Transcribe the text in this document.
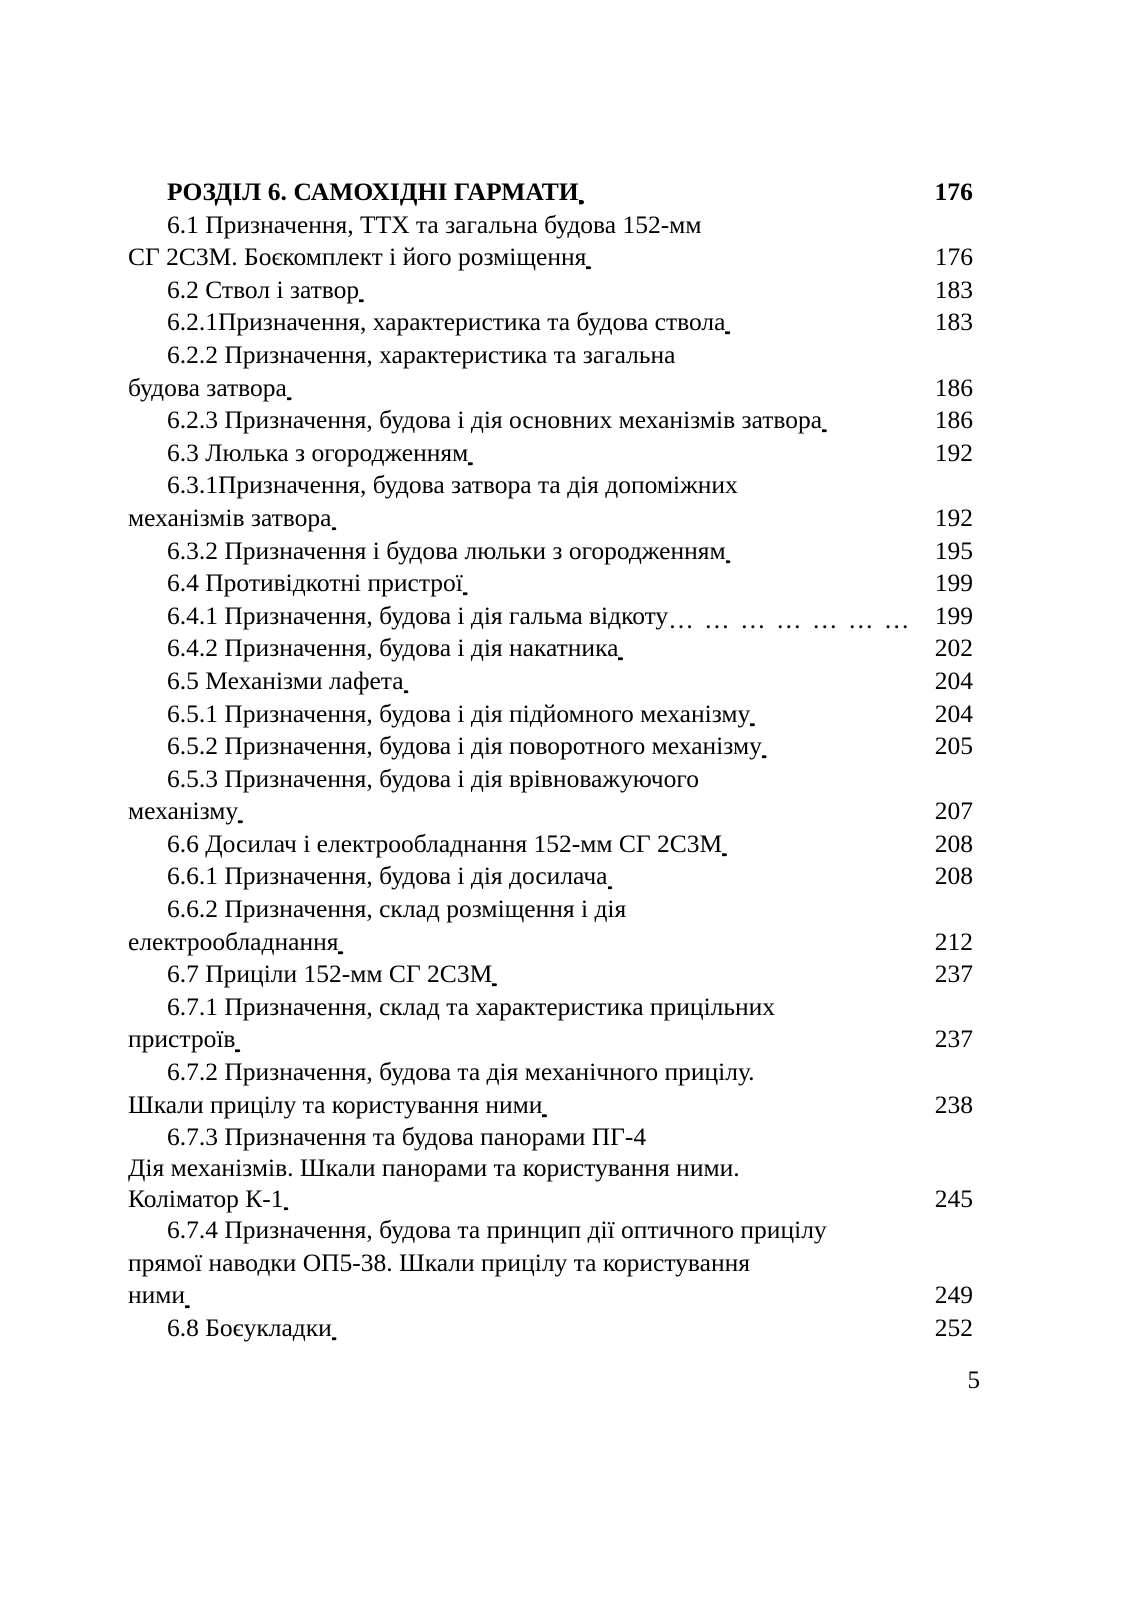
РОЗДІЛ 6. САМОХІДНІ ГАРМАТИ . . .	176
6.1 Призначення, ТТХ та загальна будова 152-мм
СГ 2С3М. Боєкомплект і його розміщення . . .	176
6.2 Ствол і затвор . . .	183
6.2.1Призначення, характеристика та будова ствола . . .	183
6.2.2 Призначення, характеристика та загальна
будова затвора . . .	186
6.2.3 Призначення, будова і дія основних механізмів затвора . . .	186
6.3 Люлька з огородженням . . .	192
6.3.1Призначення, будова затвора та дія допоміжних
механізмів затвора . . .	192
6.3.2 Призначення і будова люльки з огородженням . . .	195
6.4 Противідкотні пристрої . . .	199
6.4.1 Призначення, будова і дія гальма відкоту … … … … … … … … … … … … … … … … … … … … … … … … … … … … … … … … … … … … … …	199
6.4.2 Призначення, будова і дія накатника . . .	202
6.5 Механізми лафета . . .	204
6.5.1 Призначення, будова і дія підйомного механізму . . .	204
6.5.2 Призначення, будова і дія поворотного механізму . . .	205
6.5.3 Призначення, будова і дія врівноважуючого
механізму . . .	207
6.6 Досилач і електрообладнання 152-мм СГ 2С3М . . .	208
6.6.1 Призначення, будова і дія досилача . . .	208
6.6.2 Призначення, склад розміщення і дія
електрообладнання . . .	212
6.7 Приціли 152-мм СГ 2С3М . . .	237
6.7.1 Призначення, склад та характеристика прицільних
пристроїв . . .	237
6.7.2 Призначення, будова та дія механічного прицілу.
Шкали прицілу та користування ними . . .	238
6.7.3 Призначення та будова панорами ПГ-4
Дія механізмів. Шкали панорами та користування ними.
Коліматор К-1 . . .	245
6.7.4 Призначення, будова та принцип дії оптичного прицілу
прямої наводки ОП5-38. Шкали прицілу та користування
ними . . .	249
6.8 Боєукладки . . .	252
5
